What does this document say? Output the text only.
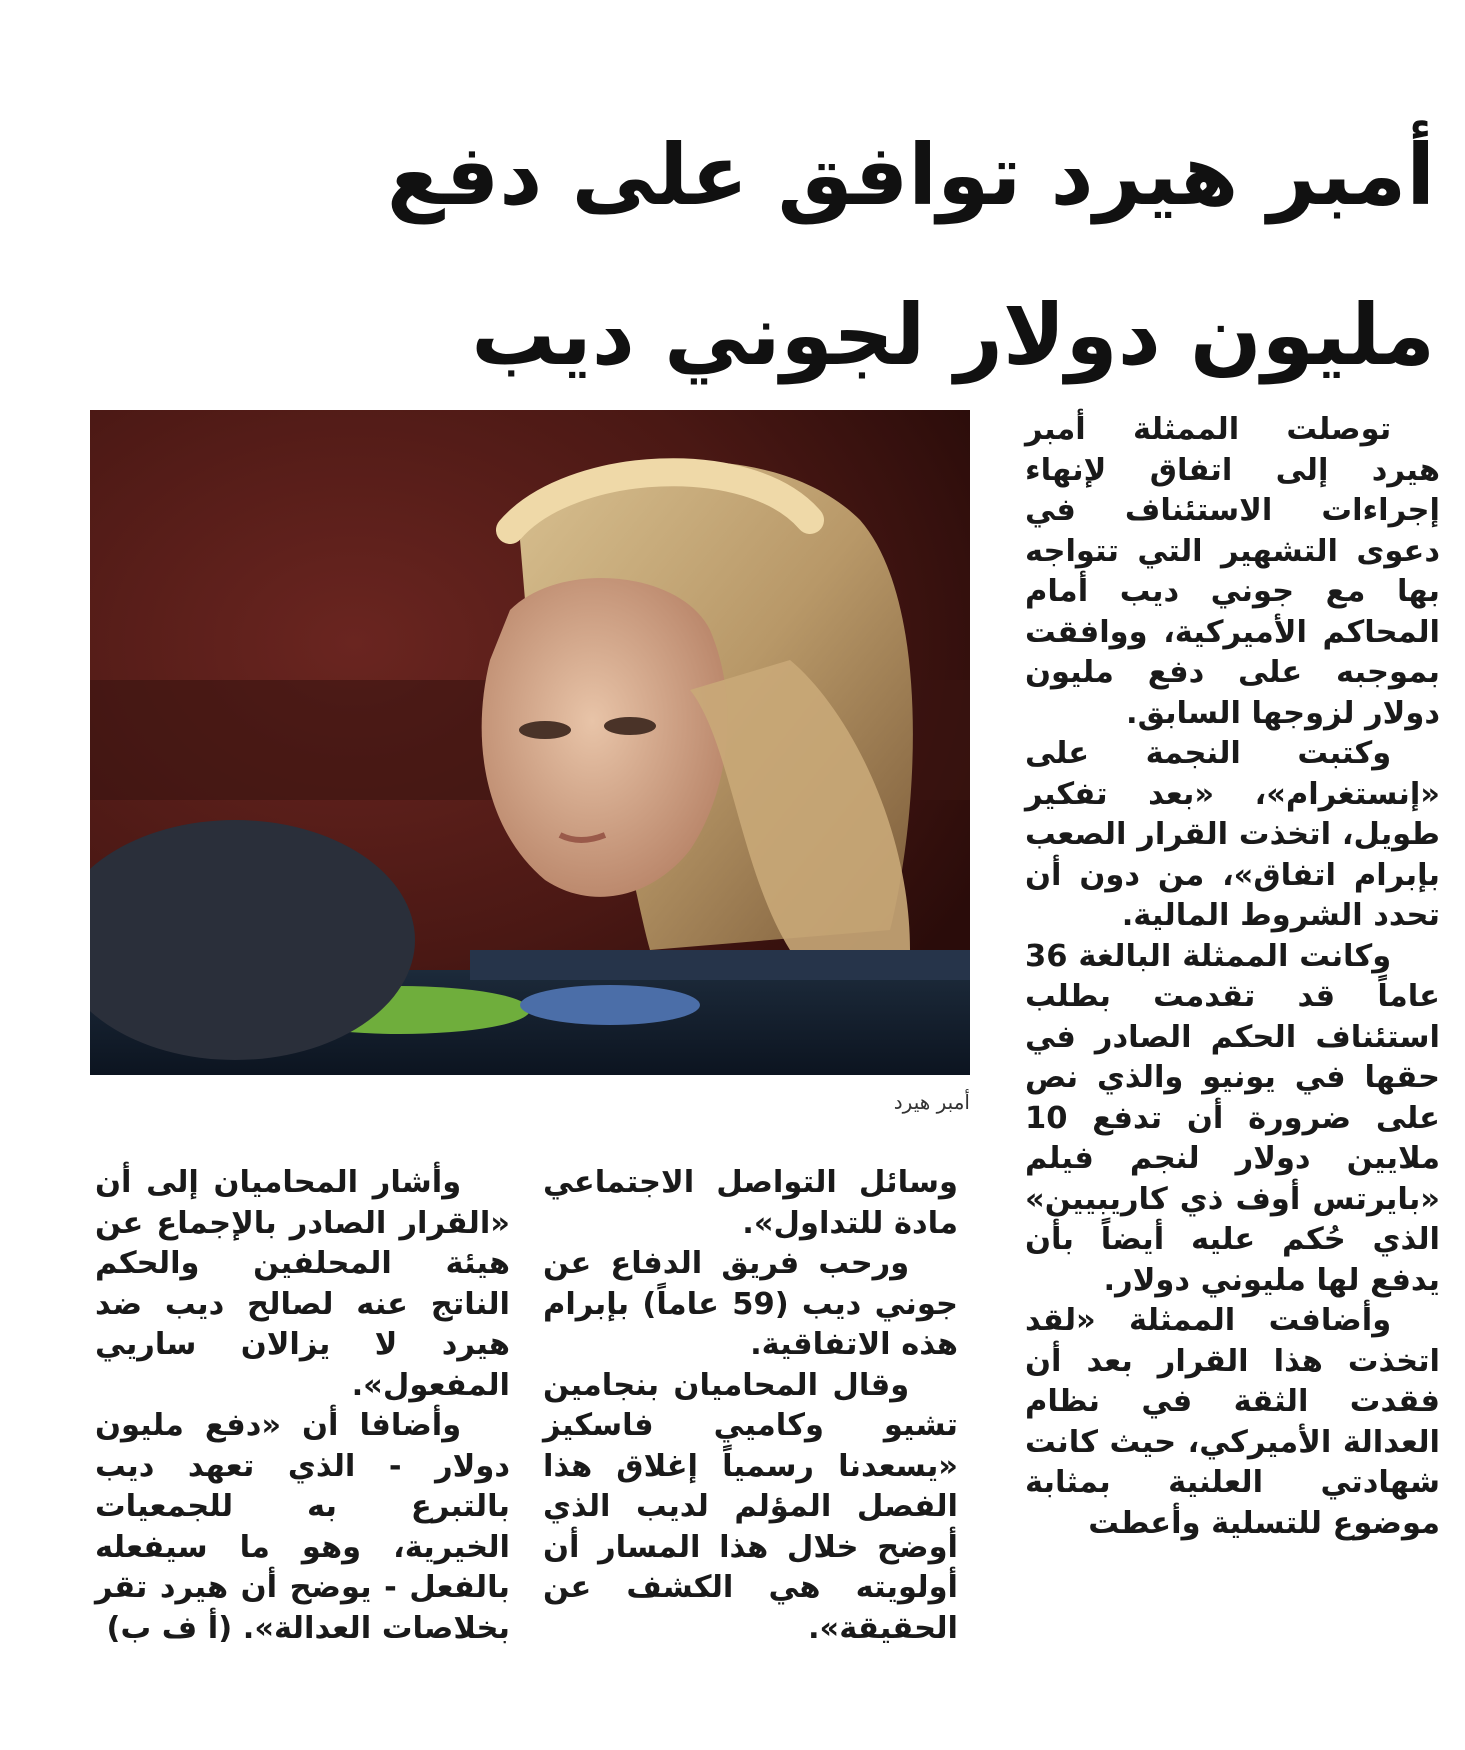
أمبر هيرد توافق على دفع
مليون دولار لجوني ديب

توصلت الممثلة أمبر هيرد إلى اتفاق لإنهاء إجراءات الاستئناف في دعوى التشهير التي تتواجه بها مع جوني ديب أمام المحاكم الأميركية، ووافقت بموجبه على دفع مليون دولار لزوجها السابق.

وكتبت النجمة على «إنستغرام»، «بعد تفكير طويل، اتخذت القرار الصعب بإبرام اتفاق»، من دون أن تحدد الشروط المالية.

وكانت الممثلة البالغة 36 عاماً قد تقدمت بطلب استئناف الحكم الصادر في حقها في يونيو والذي نص على ضرورة أن تدفع 10 ملايين دولار لنجم فيلم «بايرتس أوف ذي كاريبيين» الذي حُكم عليه أيضاً بأن يدفع لها مليوني دولار.

وأضافت الممثلة «لقد اتخذت هذا القرار بعد أن فقدت الثقة في نظام العدالة الأميركي، حيث كانت شهادتي العلنية بمثابة موضوع للتسلية وأعطت

أمبر هيرد

وسائل التواصل الاجتماعي مادة للتداول».

ورحب فريق الدفاع عن جوني ديب (59 عاماً) بإبرام هذه الاتفاقية.

وقال المحاميان بنجامين تشيو وكاميي فاسكيز «يسعدنا رسمياً إغلاق هذا الفصل المؤلم لديب الذي أوضح خلال هذا المسار أن أولويته هي الكشف عن الحقيقة».

وأشار المحاميان إلى أن «القرار الصادر بالإجماع عن هيئة المحلفين والحكم الناتج عنه لصالح ديب ضد هيرد لا يزالان ساريي المفعول».

وأضافا أن «دفع مليون دولار - الذي تعهد ديب بالتبرع به للجمعيات الخيرية، وهو ما سيفعله بالفعل - يوضح أن هيرد تقر بخلاصات العدالة». (أ ف ب)
